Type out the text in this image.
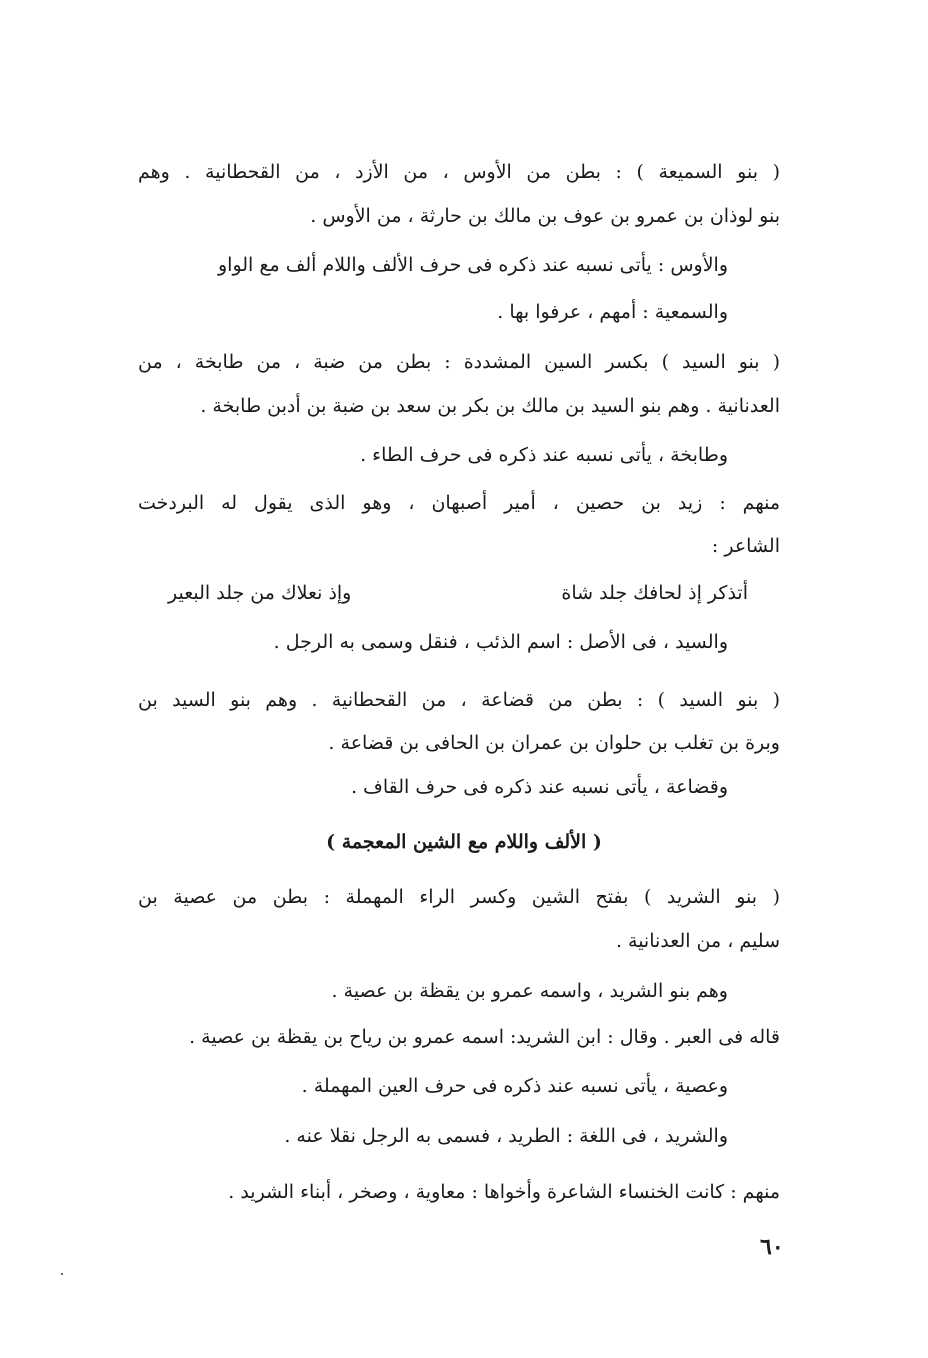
( بنو السميعة ) : بطن من الأوس ، من الأزد ، من القحطانية . وهم
بنو لوذان بن عمرو بن عوف بن مالك بن حارثة ، من الأوس .
والأوس : يأتى نسبه عند ذكره فى حرف الألف واللام ألف مع الواو
والسمعية : أمهم ، عرفوا بها .
( بنو السيد ) بكسر السين المشددة : بطن من ضبة ، من طابخة ، من
العدنانية . وهم بنو السيد بن مالك بن بكر بن سعد بن ضبة بن أدبن طابخة .
وطابخة ، يأتى نسبه عند ذكره فى حرف الطاء .
منهم : زيد بن حصين ، أمير أصبهان ، وهو الذى يقول له البردخت
الشاعر :
أتذكر إذ لحافك جلد شاة
وإذ نعلاك من جلد البعير
والسيد ، فى الأصل : اسم الذئب ، فنقل وسمى به الرجل .
( بنو السيد ) : بطن من قضاعة ، من القحطانية . وهم بنو السيد بن
وبرة بن تغلب بن حلوان بن عمران بن الحافى بن قضاعة .
وقضاعة ، يأتى نسبه عند ذكره فى حرف القاف .
( الألف واللام مع الشين المعجمة )
( بنو الشريد ) بفتح الشين وكسر الراء المهملة : بطن من عصية بن
سليم ، من العدنانية .
وهم بنو الشريد ، واسمه عمرو بن يقظة بن عصية .
قاله فى العبر . وقال : ابن الشريد: اسمه عمرو بن رياح بن يقظة بن عصية .
وعصية ، يأتى نسبه عند ذكره فى حرف العين المهملة .
والشريد ، فى اللغة : الطريد ، فسمى به الرجل نقلا عنه .
منهم : كانت الخنساء الشاعرة وأخواها : معاوية ، وصخر ، أبناء الشريد .
٦٠
